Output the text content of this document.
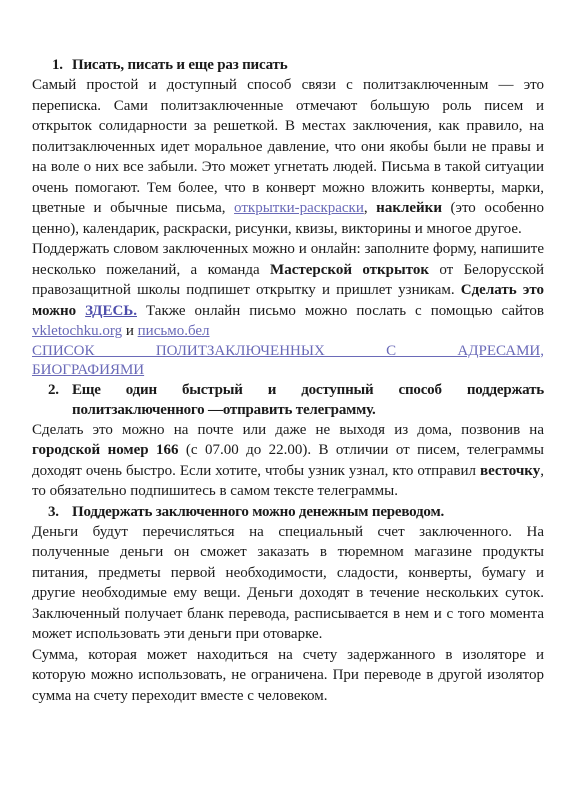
1. Писать, писать и еще раз писать

Самый простой и доступный способ связи с политзаключенным — это переписка. Сами политзаключенные отмечают большую роль писем и открыток солидарности за решеткой. В местах заключения, как правило, на политзаключенных идет моральное давление, что они якобы были не правы и на воле о них все забыли. Это может угнетать людей. Письма в такой ситуации очень помогают. Тем более, что в конверт можно вложить конверты, марки, цветные и обычные письма, открытки-раскраски, наклейки (это особенно ценно), календарик, раскраски, рисунки, квизы, викторины и многое другое.

Поддержать словом заключенных можно и онлайн: заполните форму, напишите несколько пожеланий, а команда Мастерской открыток от Белорусской правозащитной школы подпишет открытку и пришлет узникам. Сделать это можно ЗДЕСЬ. Также онлайн письмо можно послать с помощью сайтов vkletochku.org и письмо.бел

СПИСОК ПОЛИТЗАКЛЮЧЕННЫХ С АДРЕСАМИ,
БИОГРАФИЯМИ
2. Еще один быстрый и доступный способ поддержать политзаключенного —отправить телеграмму.

Сделать это можно на почте или даже не выходя из дома, позвонив на городской номер 166 (с 07.00 до 22.00). В отличии от писем, телеграммы доходят очень быстро. Если хотите, чтобы узник узнал, кто отправил весточку, то обязательно подпишитесь в самом тексте телеграммы.

3. Поддержать заключенного можно денежным переводом.

Деньги будут перечисляться на специальный счет заключенного. На полученные деньги он сможет заказать в тюремном магазине продукты питания, предметы первой необходимости, сладости, конверты, бумагу и другие необходимые ему вещи. Деньги доходят в течение нескольких суток. Заключенный получает бланк перевода, расписывается в нем и с того момента может использовать эти деньги при отоварке.

Сумма, которая может находиться на счету задержанного в изоляторе и которую можно использовать, не ограничена. При переводе в другой изолятор сумма на счету переходит вместе с человеком.
